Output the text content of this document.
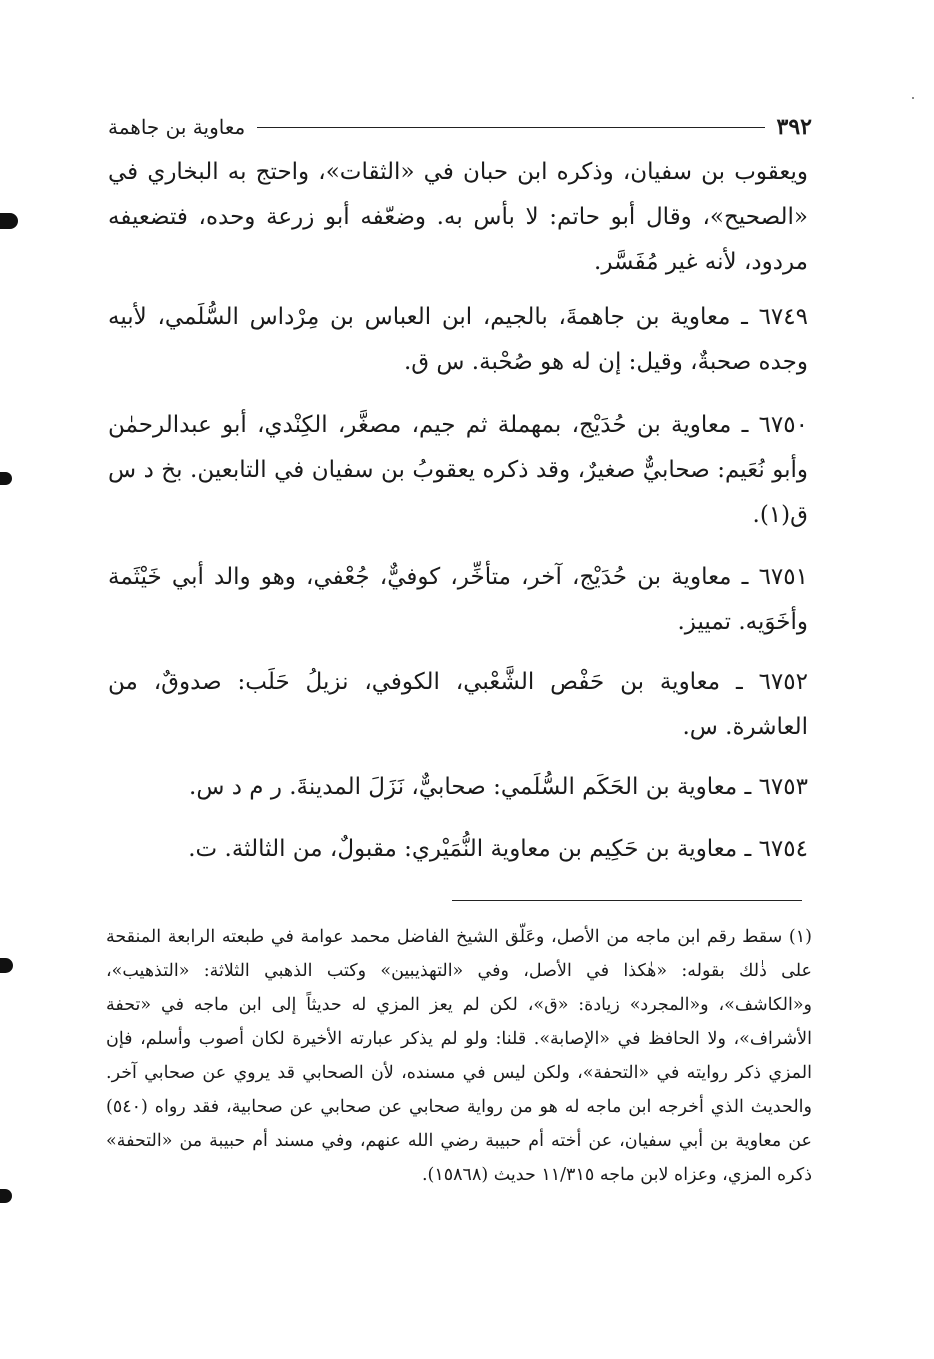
٣٩٢
معاوية بن جاهمة

ويعقوب بن سفيان، وذكره ابن حبان في «الثقات»، واحتج به البخاري في «الصحيح»، وقال أبو حاتم: لا بأس به. وضعّفه أبو زرعة وحده، فتضعيفه مردود، لأنه غير مُفَسَّر.

٦٧٤٩ ـ معاوية بن جاهمةَ، بالجيم، ابن العباس بن مِرْداس السُّلَمي، لأبيه وجده صحبةٌ، وقيل: إن له هو صُحْبة. س ق.

٦٧٥٠ ـ معاوية بن حُدَيْج، بمهملة ثم جيم، مصغَّر، الكِنْدي، أبو عبدالرحمٰن وأبو نُعَيم: صحابيٌّ صغيرٌ، وقد ذكره يعقوبُ بن سفيان في التابعين. بخ د س ق(١).

٦٧٥١ ـ معاوية بن حُدَيْج، آخر، متأخِّر، كوفيٌّ، جُعْفي، وهو والد أبي خَيْثَمة وأخَوَيه. تمييز.

٦٧٥٢ ـ معاوية بن حَفْص الشَّعْبي، الكوفي، نزيلُ حَلَب: صدوقٌ، من العاشرة. س.

٦٧٥٣ ـ معاوية بن الحَكَم السُّلَمي: صحابيٌّ، نَزَلَ المدينةَ. ر م د س.

٦٧٥٤ ـ معاوية بن حَكِيم بن معاوية النُّمَيْري: مقبولٌ، من الثالثة. ت.

(١) سقط رقم ابن ماجه من الأصل، وعَلّق الشيخ الفاضل محمد عوامة في طبعته الرابعة المنقحة على ذٰلك بقوله: «هٰكذا في الأصل، وفي «التهذيبين» وكتب الذهبي الثلاثة: «التذهيب»، و«الكاشف»، و«المجرد» زيادة: «ق»، لكن لم يعز المزي له حديثاً إلى ابن ماجه في «تحفة الأشراف»، ولا الحافظ في «الإصابة». قلنا: ولو لم يذكر عبارته الأخيرة لكان أصوب وأسلم، فإن المزي ذكر روايته في «التحفة»، ولكن ليس في مسنده، لأن الصحابي قد يروي عن صحابي آخر. والحديث الذي أخرجه ابن ماجه له هو من رواية صحابي عن صحابي عن صحابية، فقد رواه (٥٤٠) عن معاوية بن أبي سفيان، عن أخته أم حبيبة رضي الله عنهم، وفي مسند أم حبيبة من «التحفة» ذكره المزي، وعزاه لابن ماجه ١١/٣١٥ حديث (١٥٨٦٨).
